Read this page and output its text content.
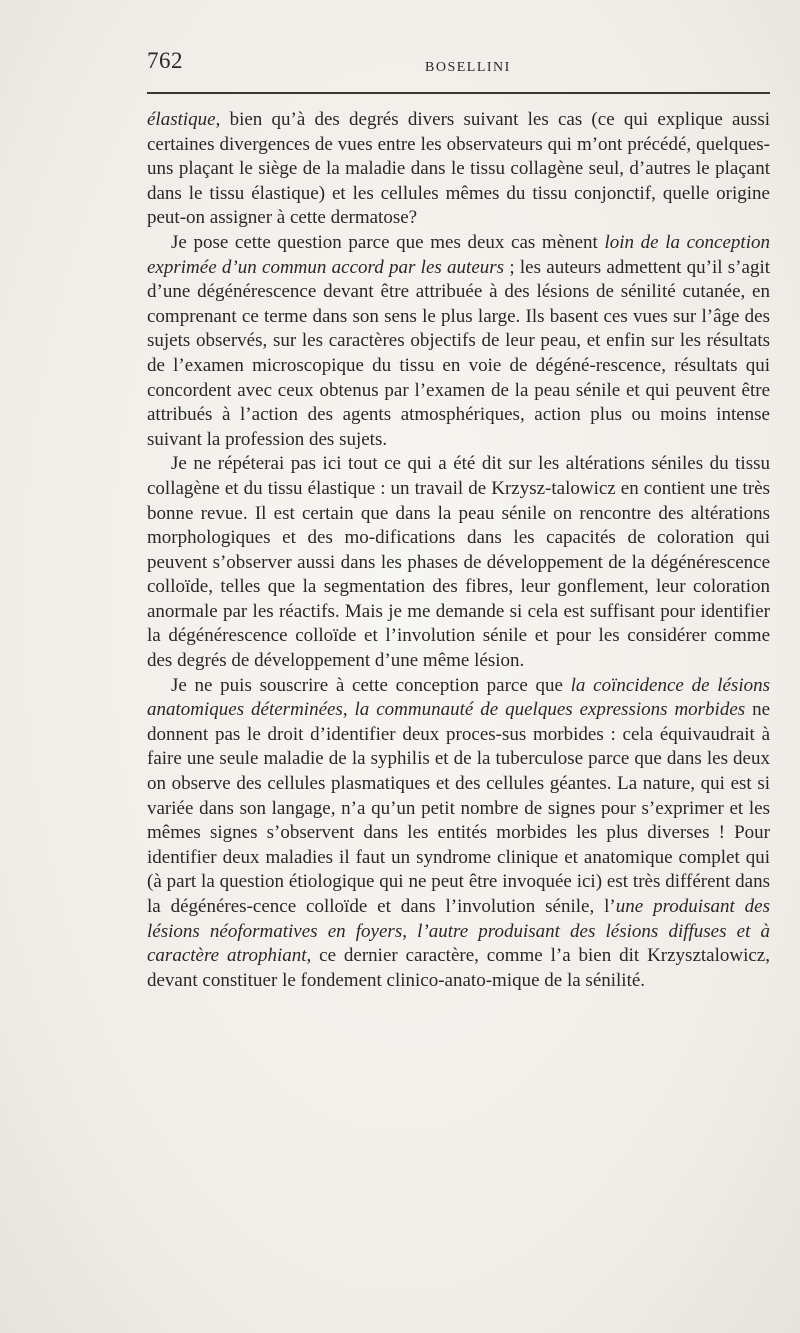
762	BOSELLINI

élastique, bien qu’à des degrés divers suivant les cas (ce qui explique aussi certaines divergences de vues entre les observateurs qui m’ont précédé, quelques-uns plaçant le siège de la maladie dans le tissu collagène seul, d’autres le plaçant dans le tissu élastique) et les cellules mêmes du tissu conjonctif, quelle origine peut-on assigner à cette dermatose?

Je pose cette question parce que mes deux cas mènent loin de la conception exprimée d’un commun accord par les auteurs ; les auteurs admettent qu’il s’agit d’une dégénérescence devant être attribuée à des lésions de sénilité cutanée, en comprenant ce terme dans son sens le plus large. Ils basent ces vues sur l’âge des sujets observés, sur les caractères objectifs de leur peau, et enfin sur les résultats de l’examen microscopique du tissu en voie de dégéné-rescence, résultats qui concordent avec ceux obtenus par l’examen de la peau sénile et qui peuvent être attribués à l’action des agents atmosphériques, action plus ou moins intense suivant la profession des sujets.

Je ne répéterai pas ici tout ce qui a été dit sur les altérations séniles du tissu collagène et du tissu élastique : un travail de Krzysz-talowicz en contient une très bonne revue. Il est certain que dans la peau sénile on rencontre des altérations morphologiques et des mo-difications dans les capacités de coloration qui peuvent s’observer aussi dans les phases de développement de la dégénérescence colloïde, telles que la segmentation des fibres, leur gonflement, leur coloration anormale par les réactifs. Mais je me demande si cela est suffisant pour identifier la dégénérescence colloïde et l’involution sénile et pour les considérer comme des degrés de développement d’une même lésion.

Je ne puis souscrire à cette conception parce que la coïncidence de lésions anatomiques déterminées, la communauté de quelques expressions morbides ne donnent pas le droit d’identifier deux proces-sus morbides : cela équivaudrait à faire une seule maladie de la syphilis et de la tuberculose parce que dans les deux on observe des cellules plasmatiques et des cellules géantes. La nature, qui est si variée dans son langage, n’a qu’un petit nombre de signes pour s’exprimer et les mêmes signes s’observent dans les entités morbides les plus diverses ! Pour identifier deux maladies il faut un syndrome clinique et anatomique complet qui (à part la question étiologique qui ne peut être invoquée ici) est très différent dans la dégénéres-cence colloïde et dans l’involution sénile, l’une produisant des lésions néoformatives en foyers, l’autre produisant des lésions diffuses et à caractère atrophiant, ce dernier caractère, comme l’a bien dit Krzysztalowicz, devant constituer le fondement clinico-anato-mique de la sénilité.
